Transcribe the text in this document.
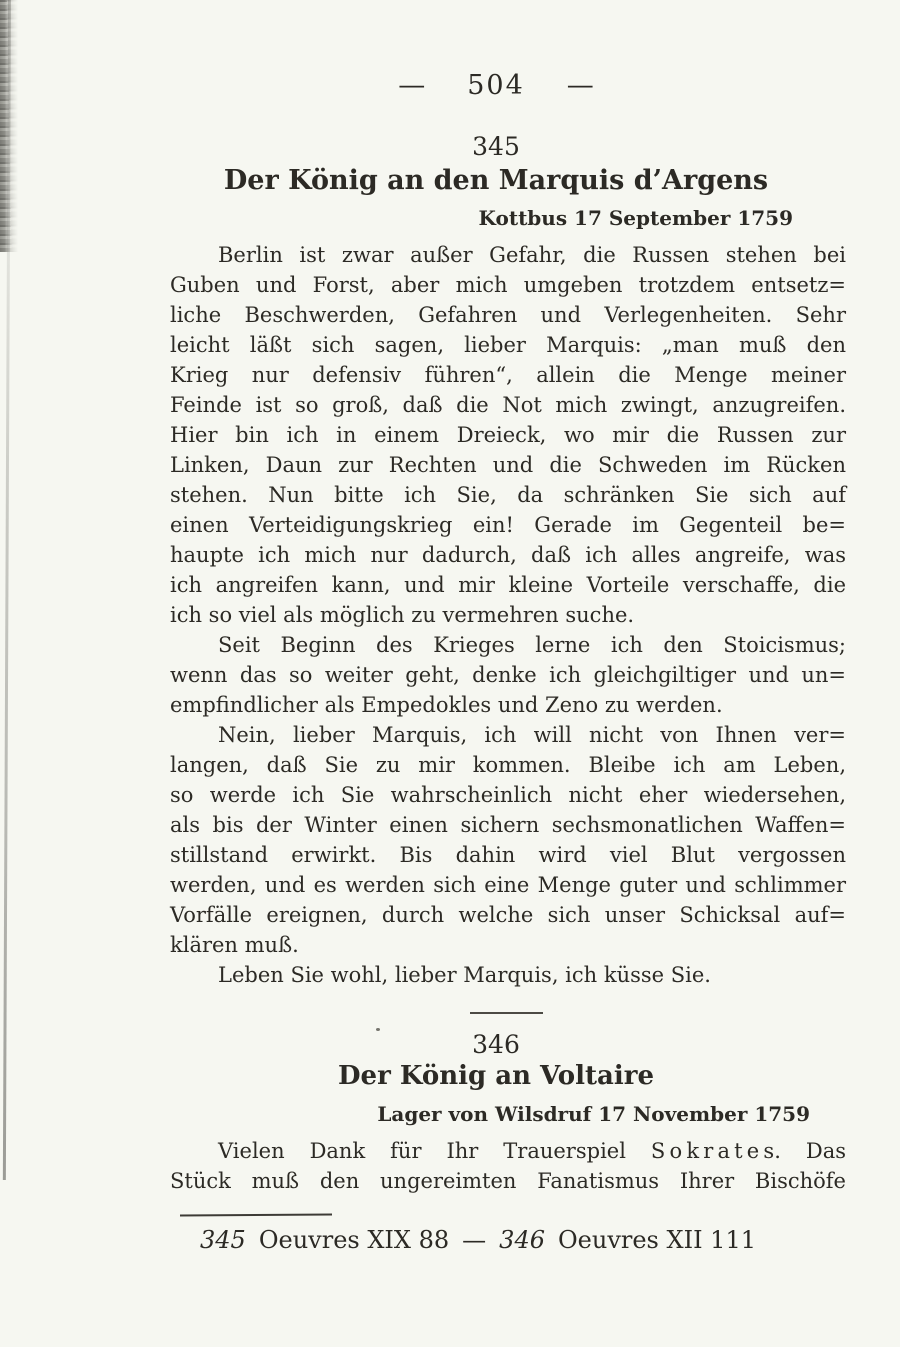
— 504 —
345
Der König an den Marquis d’Argens
Kottbus 17 September 1759
Berlin ist zwar außer Gefahr, die Russen stehen bei
Guben und Forst, aber mich umgeben trotzdem entsetz=
liche Beschwerden, Gefahren und Verlegenheiten. Sehr
leicht läßt sich sagen, lieber Marquis: „man muß den
Krieg nur defensiv führen“, allein die Menge meiner
Feinde ist so groß, daß die Not mich zwingt, anzugreifen.
Hier bin ich in einem Dreieck, wo mir die Russen zur
Linken, Daun zur Rechten und die Schweden im Rücken
stehen. Nun bitte ich Sie, da schränken Sie sich auf
einen Verteidigungskrieg ein! Gerade im Gegenteil be=
haupte ich mich nur dadurch, daß ich alles angreife, was
ich angreifen kann, und mir kleine Vorteile verschaffe, die
ich so viel als möglich zu vermehren suche.
Seit Beginn des Krieges lerne ich den Stoicismus;
wenn das so weiter geht, denke ich gleichgiltiger und un=
empfindlicher als Empedokles und Zeno zu werden.
Nein, lieber Marquis, ich will nicht von Ihnen ver=
langen, daß Sie zu mir kommen. Bleibe ich am Leben,
so werde ich Sie wahrscheinlich nicht eher wiedersehen,
als bis der Winter einen sichern sechsmonatlichen Waffen=
stillstand erwirkt. Bis dahin wird viel Blut vergossen
werden, und es werden sich eine Menge guter und schlimmer
Vorfälle ereignen, durch welche sich unser Schicksal auf=
klären muß.
Leben Sie wohl, lieber Marquis, ich küsse Sie.
346
Der König an Voltaire
Lager von Wilsdruf 17 November 1759
Vielen Dank für Ihr Trauerspiel S o k r a t e s. Das
Stück muß den ungereimten Fanatismus Ihrer Bischöfe
345 Oeuvres XIX 88 — 346 Oeuvres XII 111
